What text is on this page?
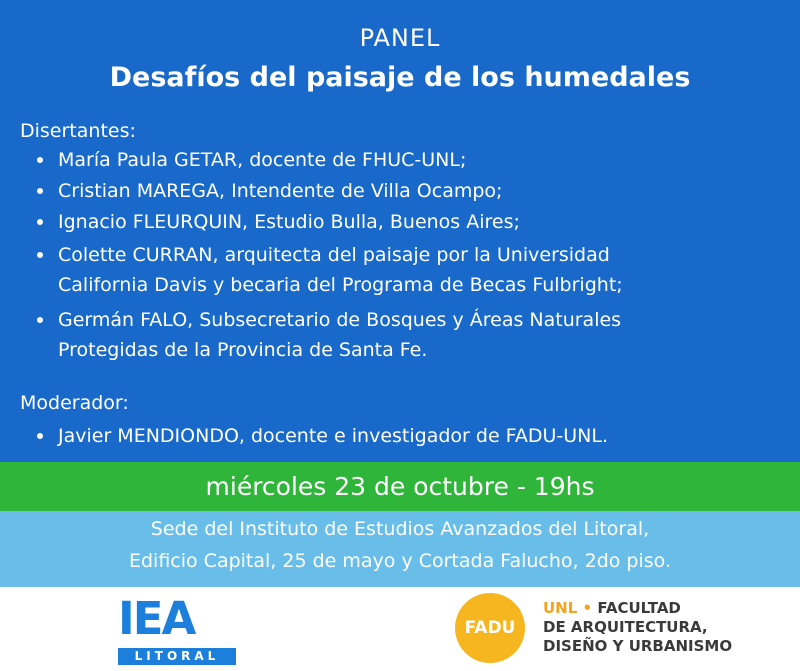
PANEL
Desafíos del paisaje de los humedales
Disertantes:
María Paula GETAR, docente de FHUC-UNL;
Cristian MAREGA, Intendente de Villa Ocampo;
Ignacio FLEURQUIN, Estudio Bulla, Buenos Aires;
Colette CURRAN, arquitecta del paisaje por la Universidad
California Davis y becaria del Programa de Becas Fulbright;
Germán FALO, Subsecretario de Bosques y Áreas Naturales
Protegidas de la Provincia de Santa Fe.
Moderador:
Javier MENDIONDO, docente e investigador de FADU-UNL.
miércoles 23 de octubre - 19hs
Sede del Instituto de Estudios Avanzados del Litoral,
Edificio Capital, 25 de mayo y Cortada Falucho, 2do piso.
IEA
LITORAL
FADU
UNL • FACULTAD
DE ARQUITECTURA,
DISEÑO Y URBANISMO
